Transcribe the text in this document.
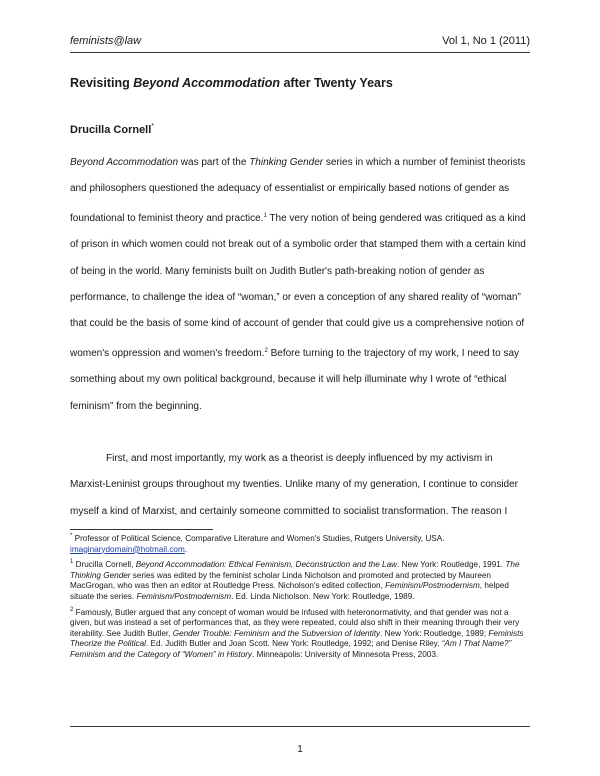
feminists@law	Vol 1, No 1 (2011)
Revisiting Beyond Accommodation after Twenty Years
Drucilla Cornell*

Beyond Accommodation was part of the Thinking Gender series in which a number of feminist theorists and philosophers questioned the adequacy of essentialist or empirically based notions of gender as foundational to feminist theory and practice.$^1$ The very notion of being gendered was critiqued as a kind of prison in which women could not break out of a symbolic order that stamped them with a certain kind of being in the world. Many feminists built on Judith Butler's path-breaking notion of gender as performance, to challenge the idea of “woman,” or even a conception of any shared reality of “woman” that could be the basis of some kind of account of gender that could give us a comprehensive notion of women's oppression and women's freedom.$^2$ Before turning to the trajectory of my work, I need to say something about my own political background, because it will help illuminate why I wrote of “ethical feminism” from the beginning.

First, and most importantly, my work as a theorist is deeply influenced by my activism in Marxist-Leninist groups throughout my twenties. Unlike many of my generation, I continue to consider myself a kind of Marxist, and certainly someone committed to socialist transformation. The reason I

* Professor of Political Science, Comparative Literature and Women's Studies, Rutgers University, USA.
imaginarydomain@hotmail.com.

$^1$ Drucilla Cornell, Beyond Accommodation: Ethical Feminism, Deconstruction and the Law. New York: Routledge, 1991. The Thinking Gender series was edited by the feminist scholar Linda Nicholson and promoted and protected by Maureen MacGrogan, who was then an editor at Routledge Press. Nicholson's edited collection, Feminism/Postmodernism, helped situate the series. Feminism/Postmodernism. Ed. Linda Nicholson. New York: Routledge, 1989.

$^2$ Famously, Butler argued that any concept of woman would be infused with heteronormativity, and that gender was not a given, but was instead a set of performances that, as they were repeated, could also shift in their meaning through their very iterability. See Judith Butler, Gender Trouble: Feminism and the Subversion of Identity. New York: Routledge, 1989; Feminists Theorize the Political. Ed. Judith Butler and Joan Scott. New York: Routledge, 1992; and Denise Riley, “Am I That Name?” Feminism and the Category of “Women” in History. Minneapolis: University of Minnesota Press, 2003.

1
